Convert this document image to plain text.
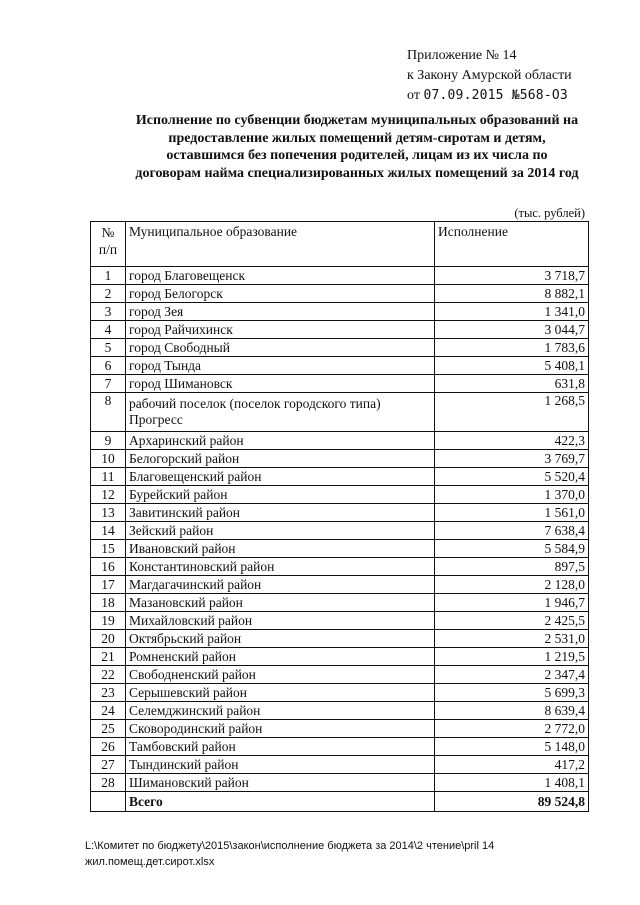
Приложение № 14
к Закону Амурской области
от 07.09.2015 №568-ОЗ
Исполнение по субвенции бюджетам муниципальных образований на
предоставление жилых помещений детям-сиротам и детям,
оставшимся без попечения родителей, лицам из их числа по
договорам найма специализированных жилых помещений за 2014 год
(тыс. рублей)
№
п/п	Муниципальное образование	Исполнение
1	город Благовещенск	3 718,7
2	город Белогорск	8 882,1
3	город Зея	1 341,0
4	город Райчихинск	3 044,7
5	город Свободный	1 783,6
6	город Тында	5 408,1
7	город Шимановск	631,8
8	рабочий поселок (поселок городского типа)
Прогресс	1 268,5
9	Архаринский район	422,3
10	Белогорский район	3 769,7
11	Благовещенский район	5 520,4
12	Бурейский район	1 370,0
13	Завитинский район	1 561,0
14	Зейский район	7 638,4
15	Ивановский район	5 584,9
16	Константиновский район	897,5
17	Магдагачинский район	2 128,0
18	Мазановский район	1 946,7
19	Михайловский район	2 425,5
20	Октябрьский район	2 531,0
21	Ромненский район	1 219,5
22	Свободненский район	2 347,4
23	Серышевский район	5 699,3
24	Селемджинский район	8 639,4
25	Сковородинский район	2 772,0
26	Тамбовский район	5 148,0
27	Тындинский район	417,2
28	Шимановский район	1 408,1
	Всего	89 524,8
L:\Комитет по бюджету\2015\закон\исполнение бюджета за 2014\2 чтение\pril 14
жил.помещ.дет.сирот.xlsx
